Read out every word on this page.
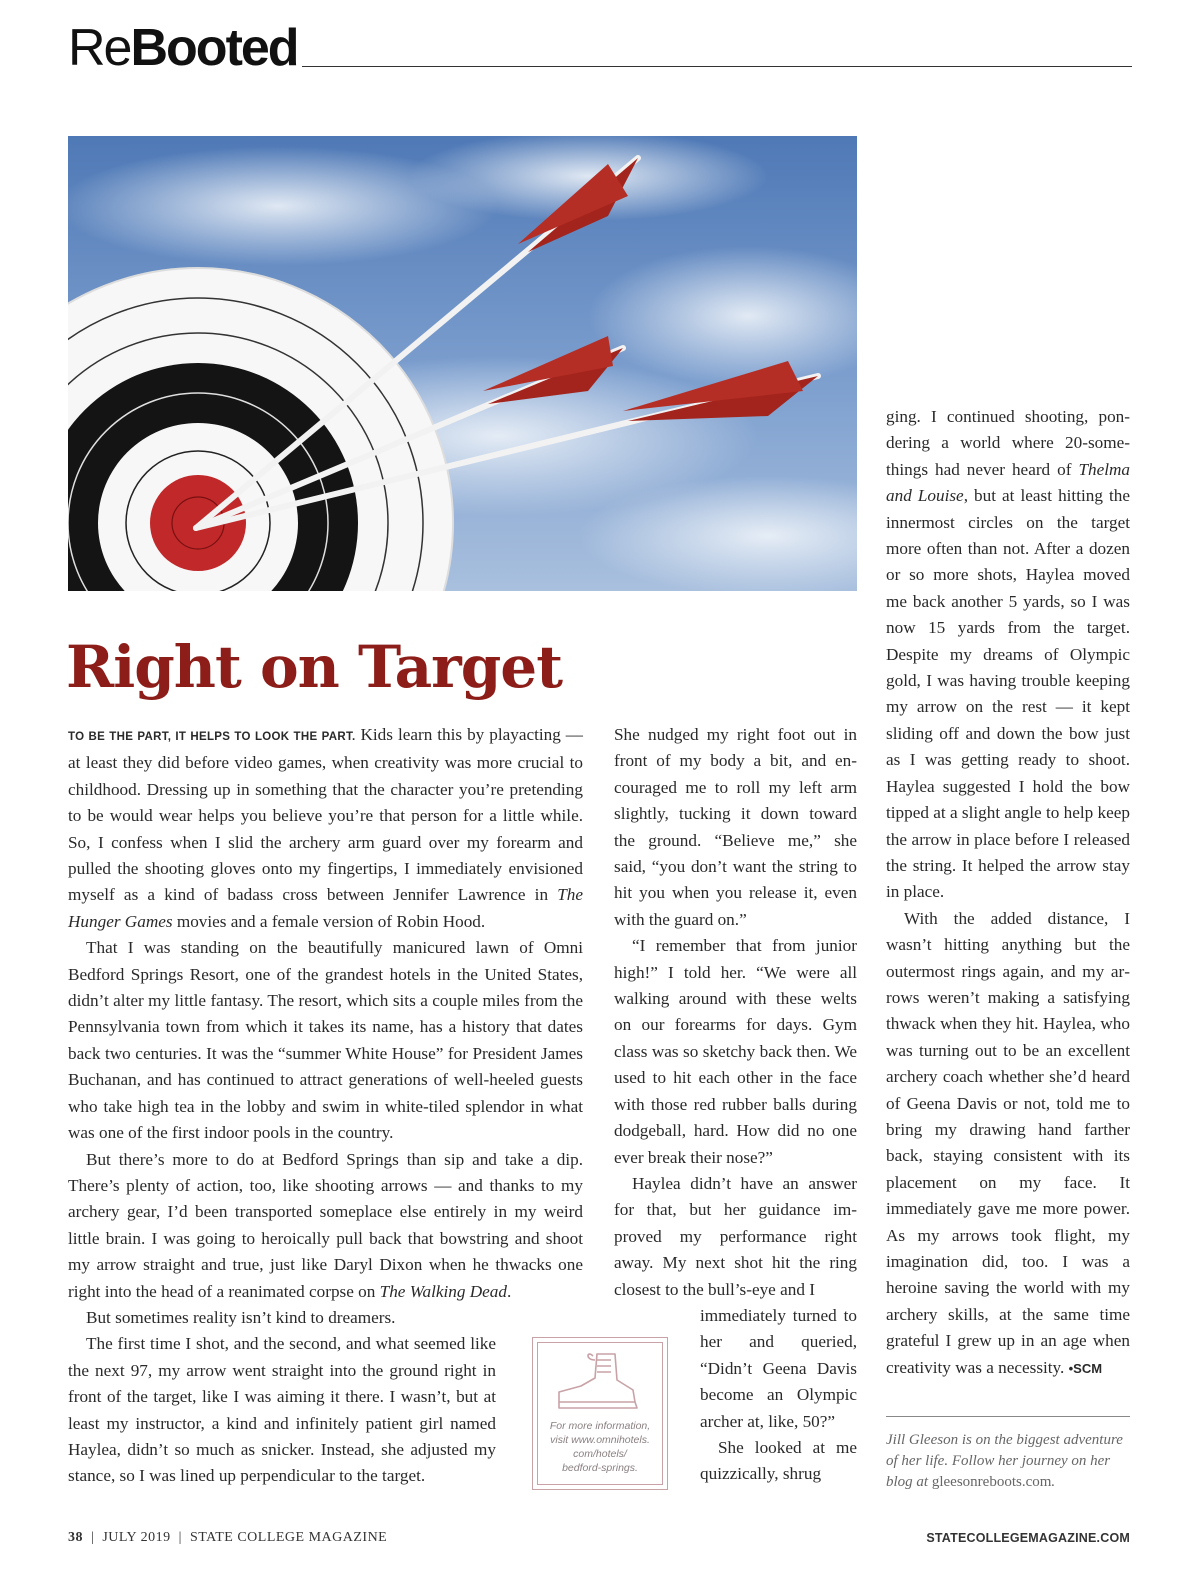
ReBooted
Right on Target

TO BE THE PART, IT HELPS TO LOOK THE PART. Kids learn this by playacting — at least they did before video games, when creativity was more crucial to childhood. Dressing up in something that the character you’re pretending to be would wear helps you believe you’re that person for a little while. So, I confess when I slid the archery arm guard over my forearm and pulled the shooting gloves onto my fingertips, I immediately envisioned myself as a kind of badass cross between Jennifer Lawrence in The Hunger Games movies and a female version of Robin Hood.

That I was standing on the beautifully manicured lawn of Omni Bedford Springs Resort, one of the grandest hotels in the United States, didn’t alter my little fantasy. The resort, which sits a couple miles from the Pennsylvania town from which it takes its name, has a history that dates back two centuries. It was the “summer White House” for President James Buchanan, and has continued to attract generations of well-heeled guests who take high tea in the lobby and swim in white-tiled splendor in what was one of the first indoor pools in the country.

But there’s more to do at Bedford Springs than sip and take a dip. There’s plenty of action, too, like shooting arrows — and thanks to my archery gear, I’d been transported someplace else entirely in my weird little brain. I was going to heroically pull back that bowstring and shoot my arrow straight and true, just like Daryl Dixon when he thwacks one right into the head of a reanimated corpse on The Walking Dead.

But sometimes reality isn’t kind to dreamers.

The first time I shot, and the second, and what seemed like the next 97, my arrow went straight into the ground right in front of the target, like I was aiming it there. I wasn’t, but at least my instructor, a kind and infinitely patient girl named Haylea, didn’t so much as snicker. Instead, she adjusted my stance, so I was lined up perpendicular to the target.

She nudged my right foot out in front of my body a bit, and encouraged me to roll my left arm slightly, tucking it down toward the ground. “Believe me,” she said, “you don’t want the string to hit you when you release it, even with the guard on.”

“I remember that from junior high!” I told her. “We were all walking around with these welts on our forearms for days. Gym class was so sketchy back then. We used to hit each other in the face with those red rubber balls during dodgeball, hard. How did no one ever break their nose?”

Haylea didn’t have an answer for that, but her guidance improved my performance right away. My next shot hit the ring closest to the bull’s-eye and I

immediately turned to her and queried, “Didn’t Geena Davis become an Olympic archer at, like, 50?”

She looked at me quizzically, shrug

For more information,
visit www.omnihotels.
com/hotels/
bedford-springs.

ging. I continued shooting, pondering a world where 20-somethings had never heard of Thelma and Louise, but at least hitting the innermost circles on the target more often than not. After a dozen or so more shots, Haylea moved me back another 5 yards, so I was now 15 yards from the target. Despite my dreams of Olympic gold, I was having trouble keeping my arrow on the rest — it kept sliding off and down the bow just as I was getting ready to shoot. Haylea suggested I hold the bow tipped at a slight angle to help keep the arrow in place before I released the string. It helped the arrow stay in place.

With the added distance, I wasn’t hitting anything but the outermost rings again, and my arrows weren’t making a satisfying thwack when they hit. Haylea, who was turning out to be an excellent archery coach whether she’d heard of Geena Davis or not, told me to bring my drawing hand farther back, staying consistent with its placement on my face. It immediately gave me more power. As my arrows took flight, my imagination did, too. I was a heroine saving the world with my archery skills, at the same time grateful I grew up in an age when creativity was a necessity. •SCM

Jill Gleeson is on the biggest adventure of her life. Follow her journey on her blog at gleesonreboots.com.
38  |  JULY 2019  |  STATE COLLEGE MAGAZINE	STATECOLLEGEMAGAZINE.COM
